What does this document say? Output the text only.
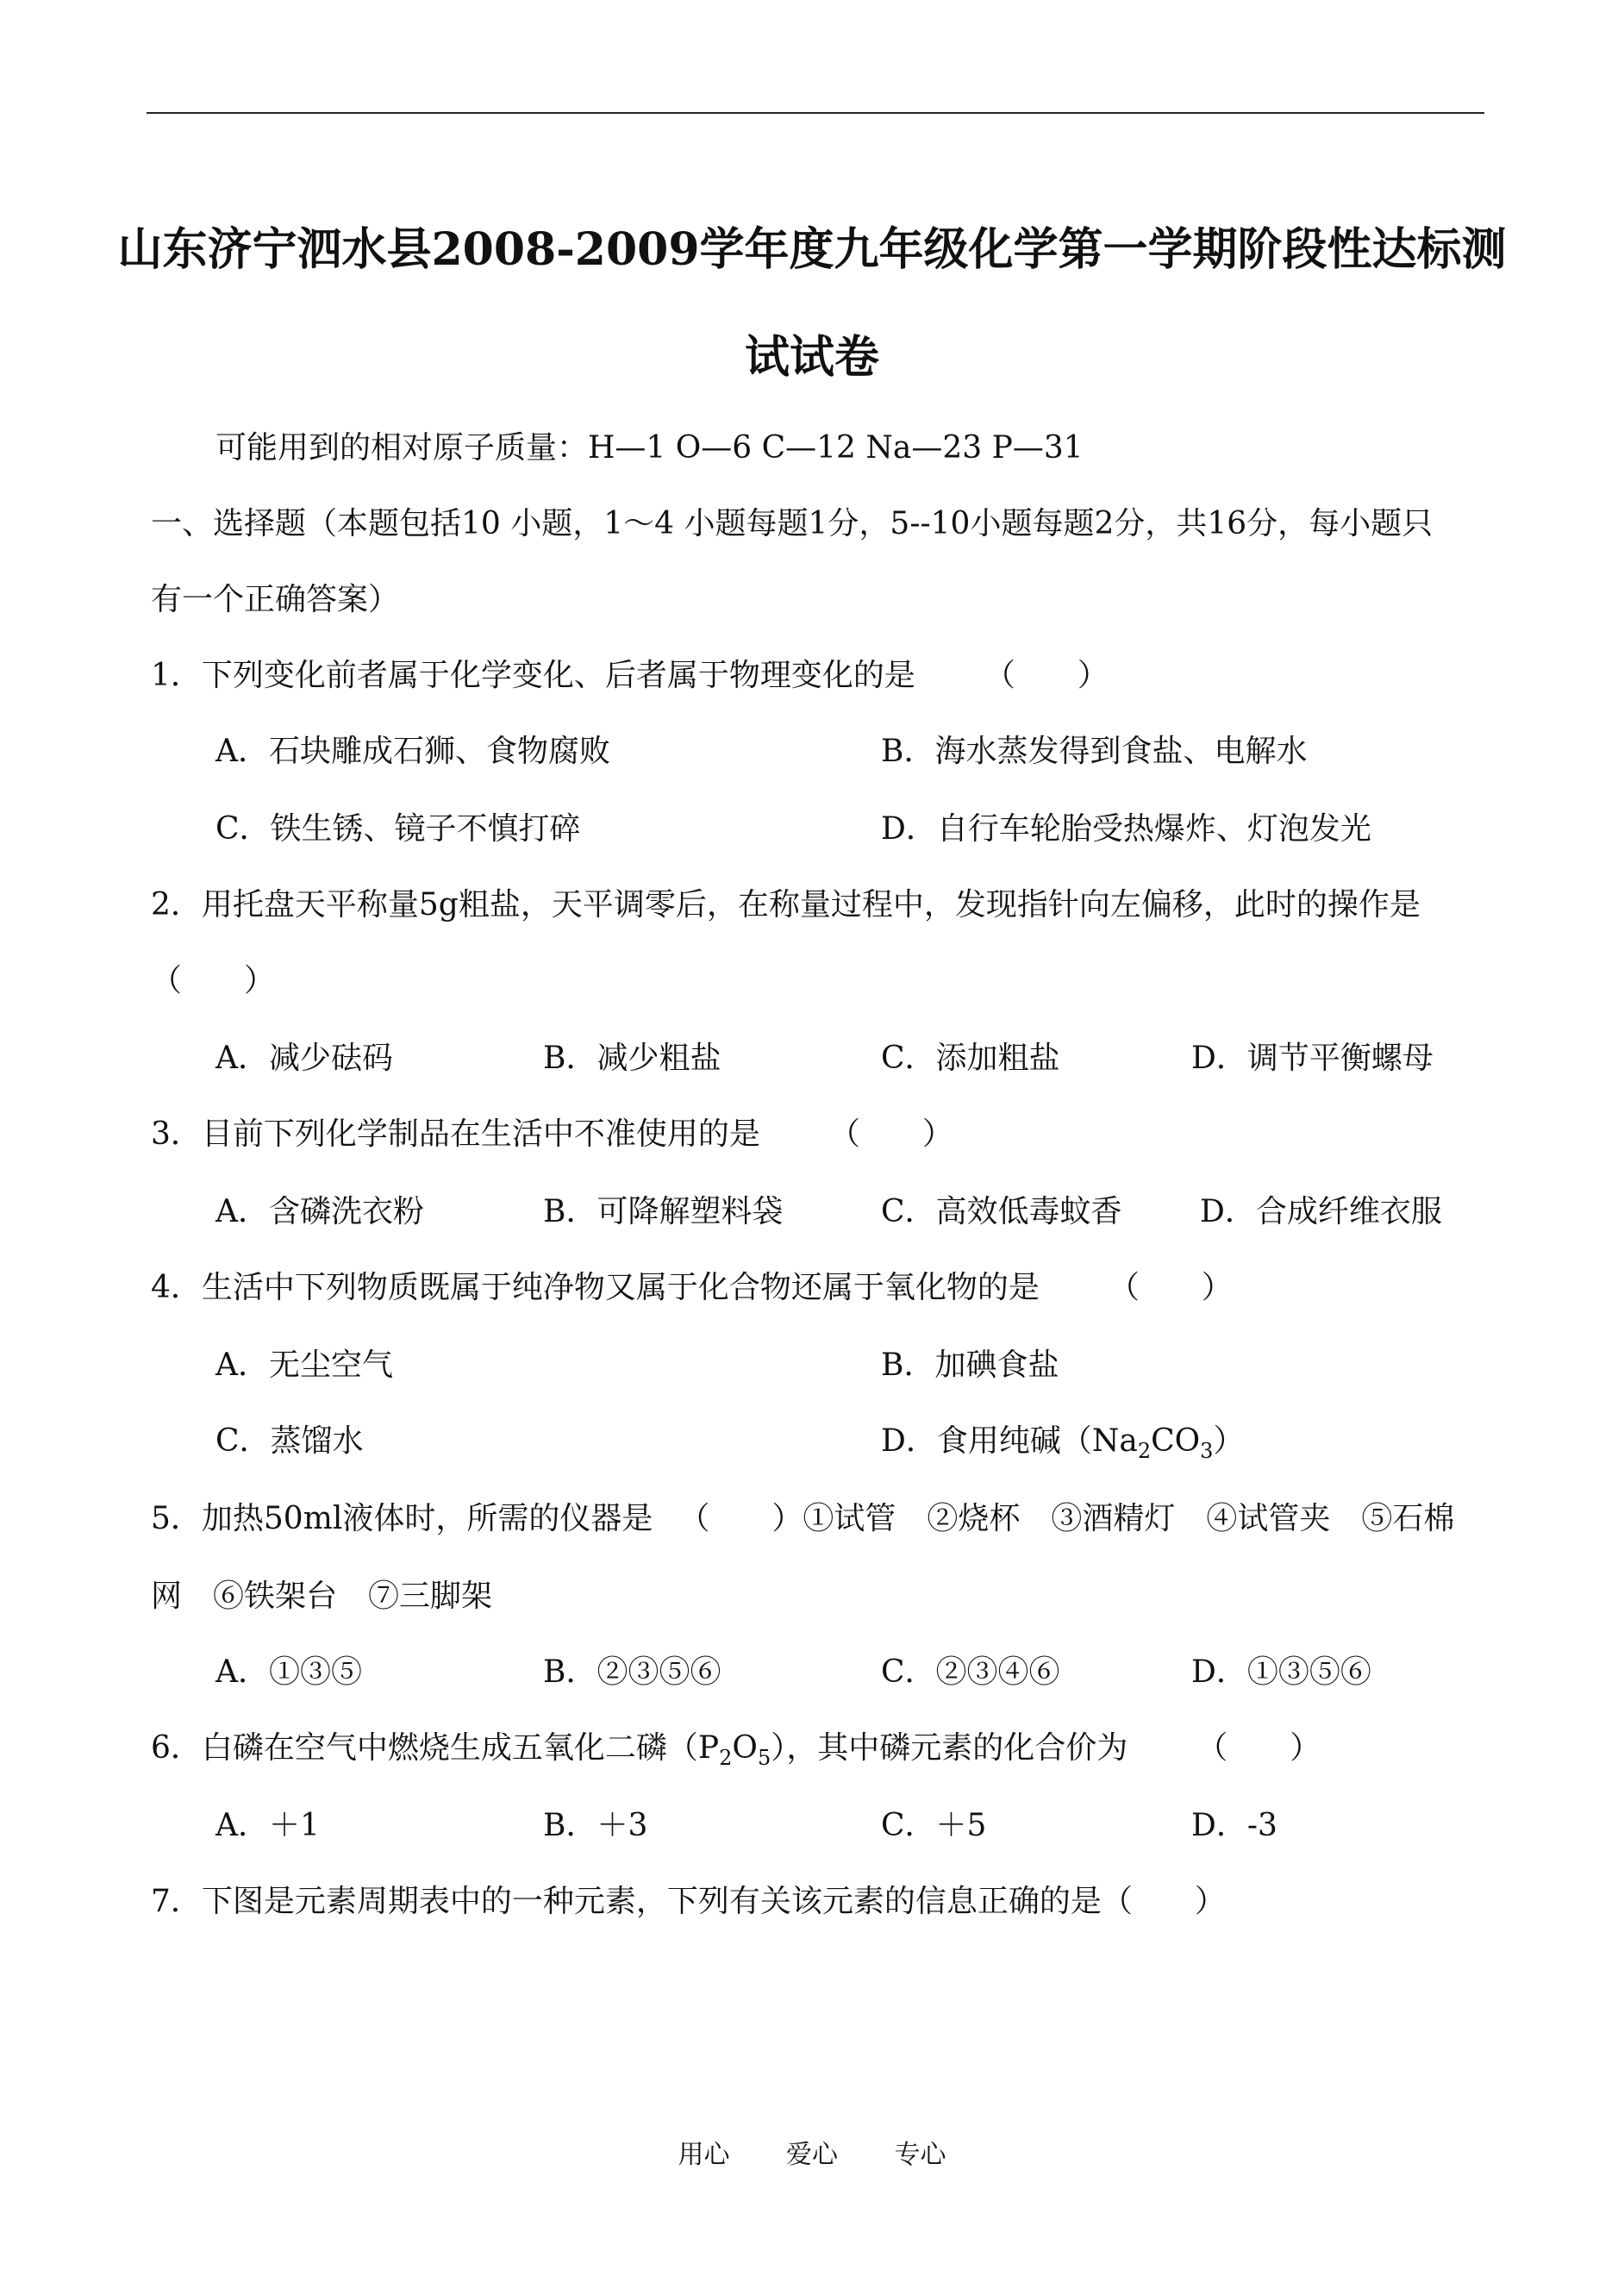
山东济宁泗水县2008-2009学年度九年级化学第一学期阶段性达标测
试试卷
可能用到的相对原子质量：H—1 O—6 C—12 Na—23 P—31
一、选择题（本题包括10 小题，1～4 小题每题1分，5--10小题每题2分，共16分，每小题只
有一个正确答案）
1．下列变化前者属于化学变化、后者属于物理变化的是 （　　）
A．石块雕成石狮、食物腐败	B．海水蒸发得到食盐、电解水
C．铁生锈、镜子不慎打碎	D．自行车轮胎受热爆炸、灯泡发光
2．用托盘天平称量5g粗盐，天平调零后，在称量过程中，发现指针向左偏移，此时的操作是
（　　）
A．减少砝码	B．减少粗盐	C．添加粗盐	D．调节平衡螺母
3．目前下列化学制品在生活中不准使用的是 （　　）
A．含磷洗衣粉	B．可降解塑料袋	C．高效低毒蚊香	D．合成纤维衣服
4．生活中下列物质既属于纯净物又属于化合物还属于氧化物的是 （　　）
A．无尘空气	B．加碘食盐
C．蒸馏水	D．食用纯碱$(Na_2CO_3)$
5．加热50ml液体时，所需的仪器是 （　　）①试管　②烧杯　③酒精灯　④试管夹　⑤石棉
网　⑥铁架台　⑦三脚架
A．①③⑤	B．②③⑤⑥	C．②③④⑥	D．①③⑤⑥
6．白磷在空气中燃烧生成五氧化二磷$(P_2O_5)$，其中磷元素的化合价为 （　　）
A．＋1	B．＋3	C．＋5	D．-3
7．下图是元素周期表中的一种元素，下列有关该元素的信息正确的是（　　）
用心 爱心 专心
